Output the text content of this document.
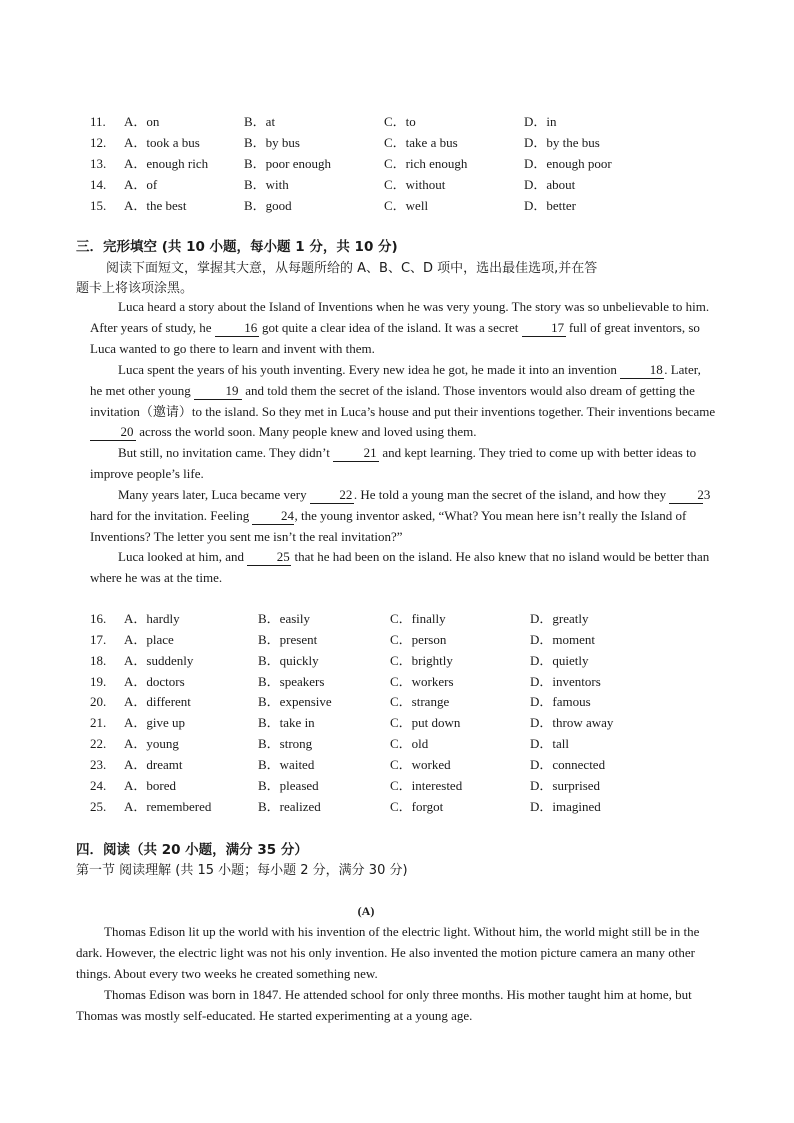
11. A．on	B．at	C．to	D．in
12. A．took a bus	B．by bus	C．take a bus	D．by the bus
13. A．enough rich	B．poor enough	C．rich enough	D．enough poor
14. A．of	B．with	C．without	D．about
15. A．the best	B．good	C．well	D．better
三．完形填空 (共 10 小题，每小题 1 分，共 10 分)
阅读下面短文，掌握其大意，从每题所给的 A、B、C、D 项中，选出最佳选项,并在答
题卡上将该项涂黑。
Luca heard a story about the Island of Inventions when he was very young. The story was so unbelievable to him. After years of study, he 16 got quite a clear idea of the island. It was a secret 17 full of great inventors, so Luca wanted to go there to learn and invent with them.
Luca spent the years of his youth inventing. Every new idea he got, he made it into an invention 18 . Later, he met other young 19 and told them the secret of the island. Those inventors would also dream of getting the invitation（邀请）to the island. So they met in Luca’s house and put their inventions together. Their inventions became 20 across the world soon. Many people knew and loved using them.
But still, no invitation came. They didn’t 21 and kept learning. They tried to come up with better ideas to improve people’s life.
Many years later, Luca became very 22 . He told a young man the secret of the island, and how they 23 hard for the invitation. Feeling 24, the young inventor asked, “What? You mean here isn’t really the Island of Inventions? The letter you sent me isn’t the real invitation?”
Luca looked at him, and 25 that he had been on the island. He also knew that no island would be better than where he was at the time.
16. A．hardly	B．easily	C．finally	D．greatly
17. A．place	B．present	C．person	D．moment
18. A．suddenly	B．quickly	C．brightly	D．quietly
19. A．doctors	B．speakers	C．workers	D．inventors
20. A．different	B．expensive	C．strange	D．famous
21. A．give up	B．take in	C．put down	D．throw away
22. A．young	B．strong	C．old	D．tall
23. A．dreamt	B．waited	C．worked	D．connected
24. A．bored	B．pleased	C．interested	D．surprised
25. A．remembered	B．realized	C．forgot	D．imagined
四．阅读（共 20 小题，满分 35 分）
第一节 阅读理解 (共 15 小题；每小题 2 分，满分 30 分)
(A)
Thomas Edison lit up the world with his invention of the electric light. Without him, the world might still be in the dark. However, the electric light was not his only invention. He also invented the motion picture camera an many other things. About every two weeks he created something new.
Thomas Edison was born in 1847. He attended school for only three months. His mother taught him at home, but Thomas was mostly self-educated. He started experimenting at a young age.
